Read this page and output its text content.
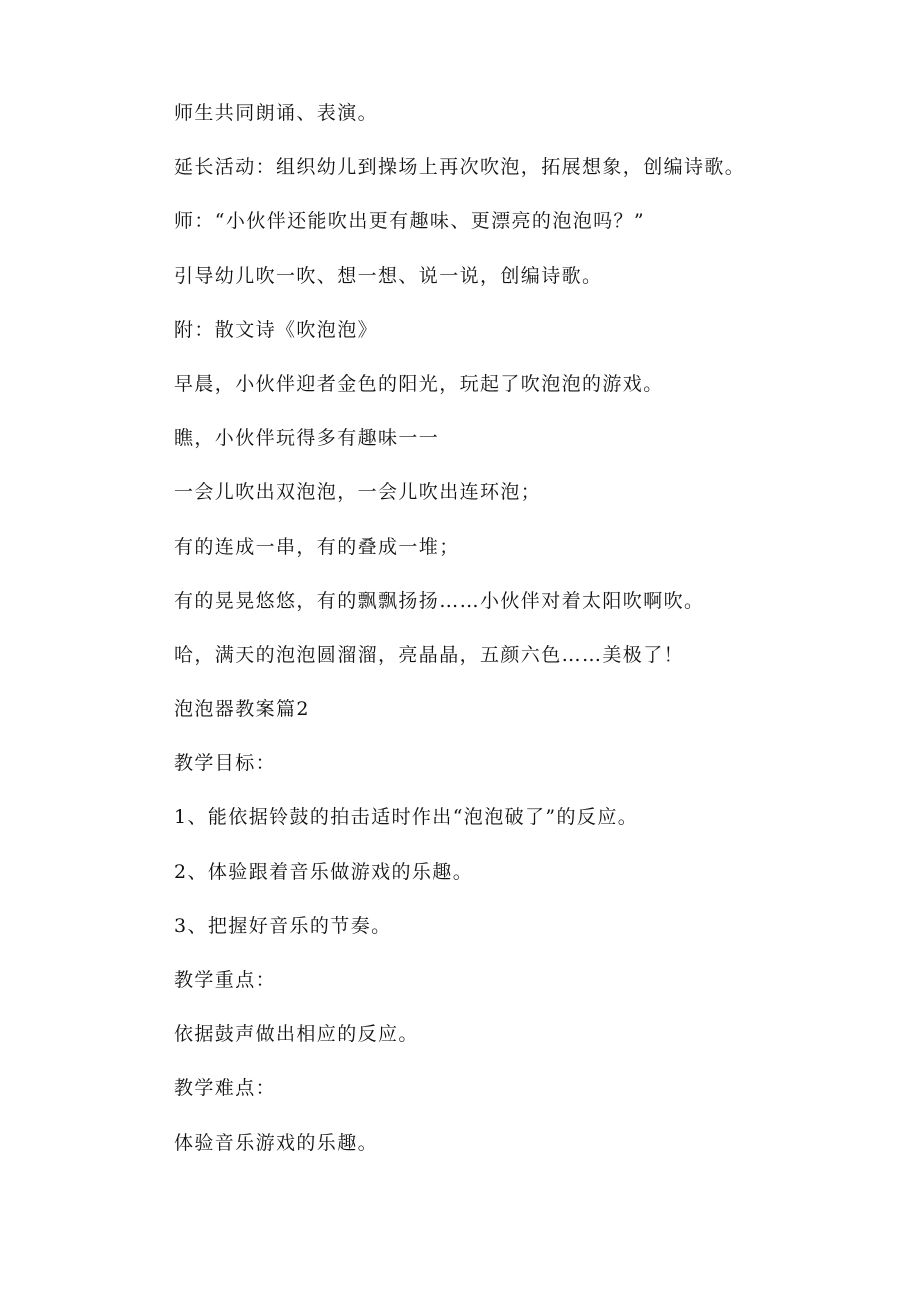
师生共同朗诵、表演。

延长活动：组织幼儿到操场上再次吹泡，拓展想象，创编诗歌。

师：“小伙伴还能吹出更有趣味、更漂亮的泡泡吗？”

引导幼儿吹一吹、想一想、说一说，创编诗歌。

附：散文诗《吹泡泡》

早晨，小伙伴迎者金色的阳光，玩起了吹泡泡的游戏。

瞧，小伙伴玩得多有趣味一一

一会儿吹出双泡泡，一会儿吹出连环泡；

有的连成一串，有的叠成一堆；

有的晃晃悠悠，有的飘飘扬扬……小伙伴对着太阳吹啊吹。

哈，满天的泡泡圆溜溜，亮晶晶，五颜六色……美极了！

泡泡器教案篇2

教学目标：

1、能依据铃鼓的拍击适时作出“泡泡破了”的反应。

2、体验跟着音乐做游戏的乐趣。

3、把握好音乐的节奏。

教学重点：

依据鼓声做出相应的反应。

教学难点：

体验音乐游戏的乐趣。
